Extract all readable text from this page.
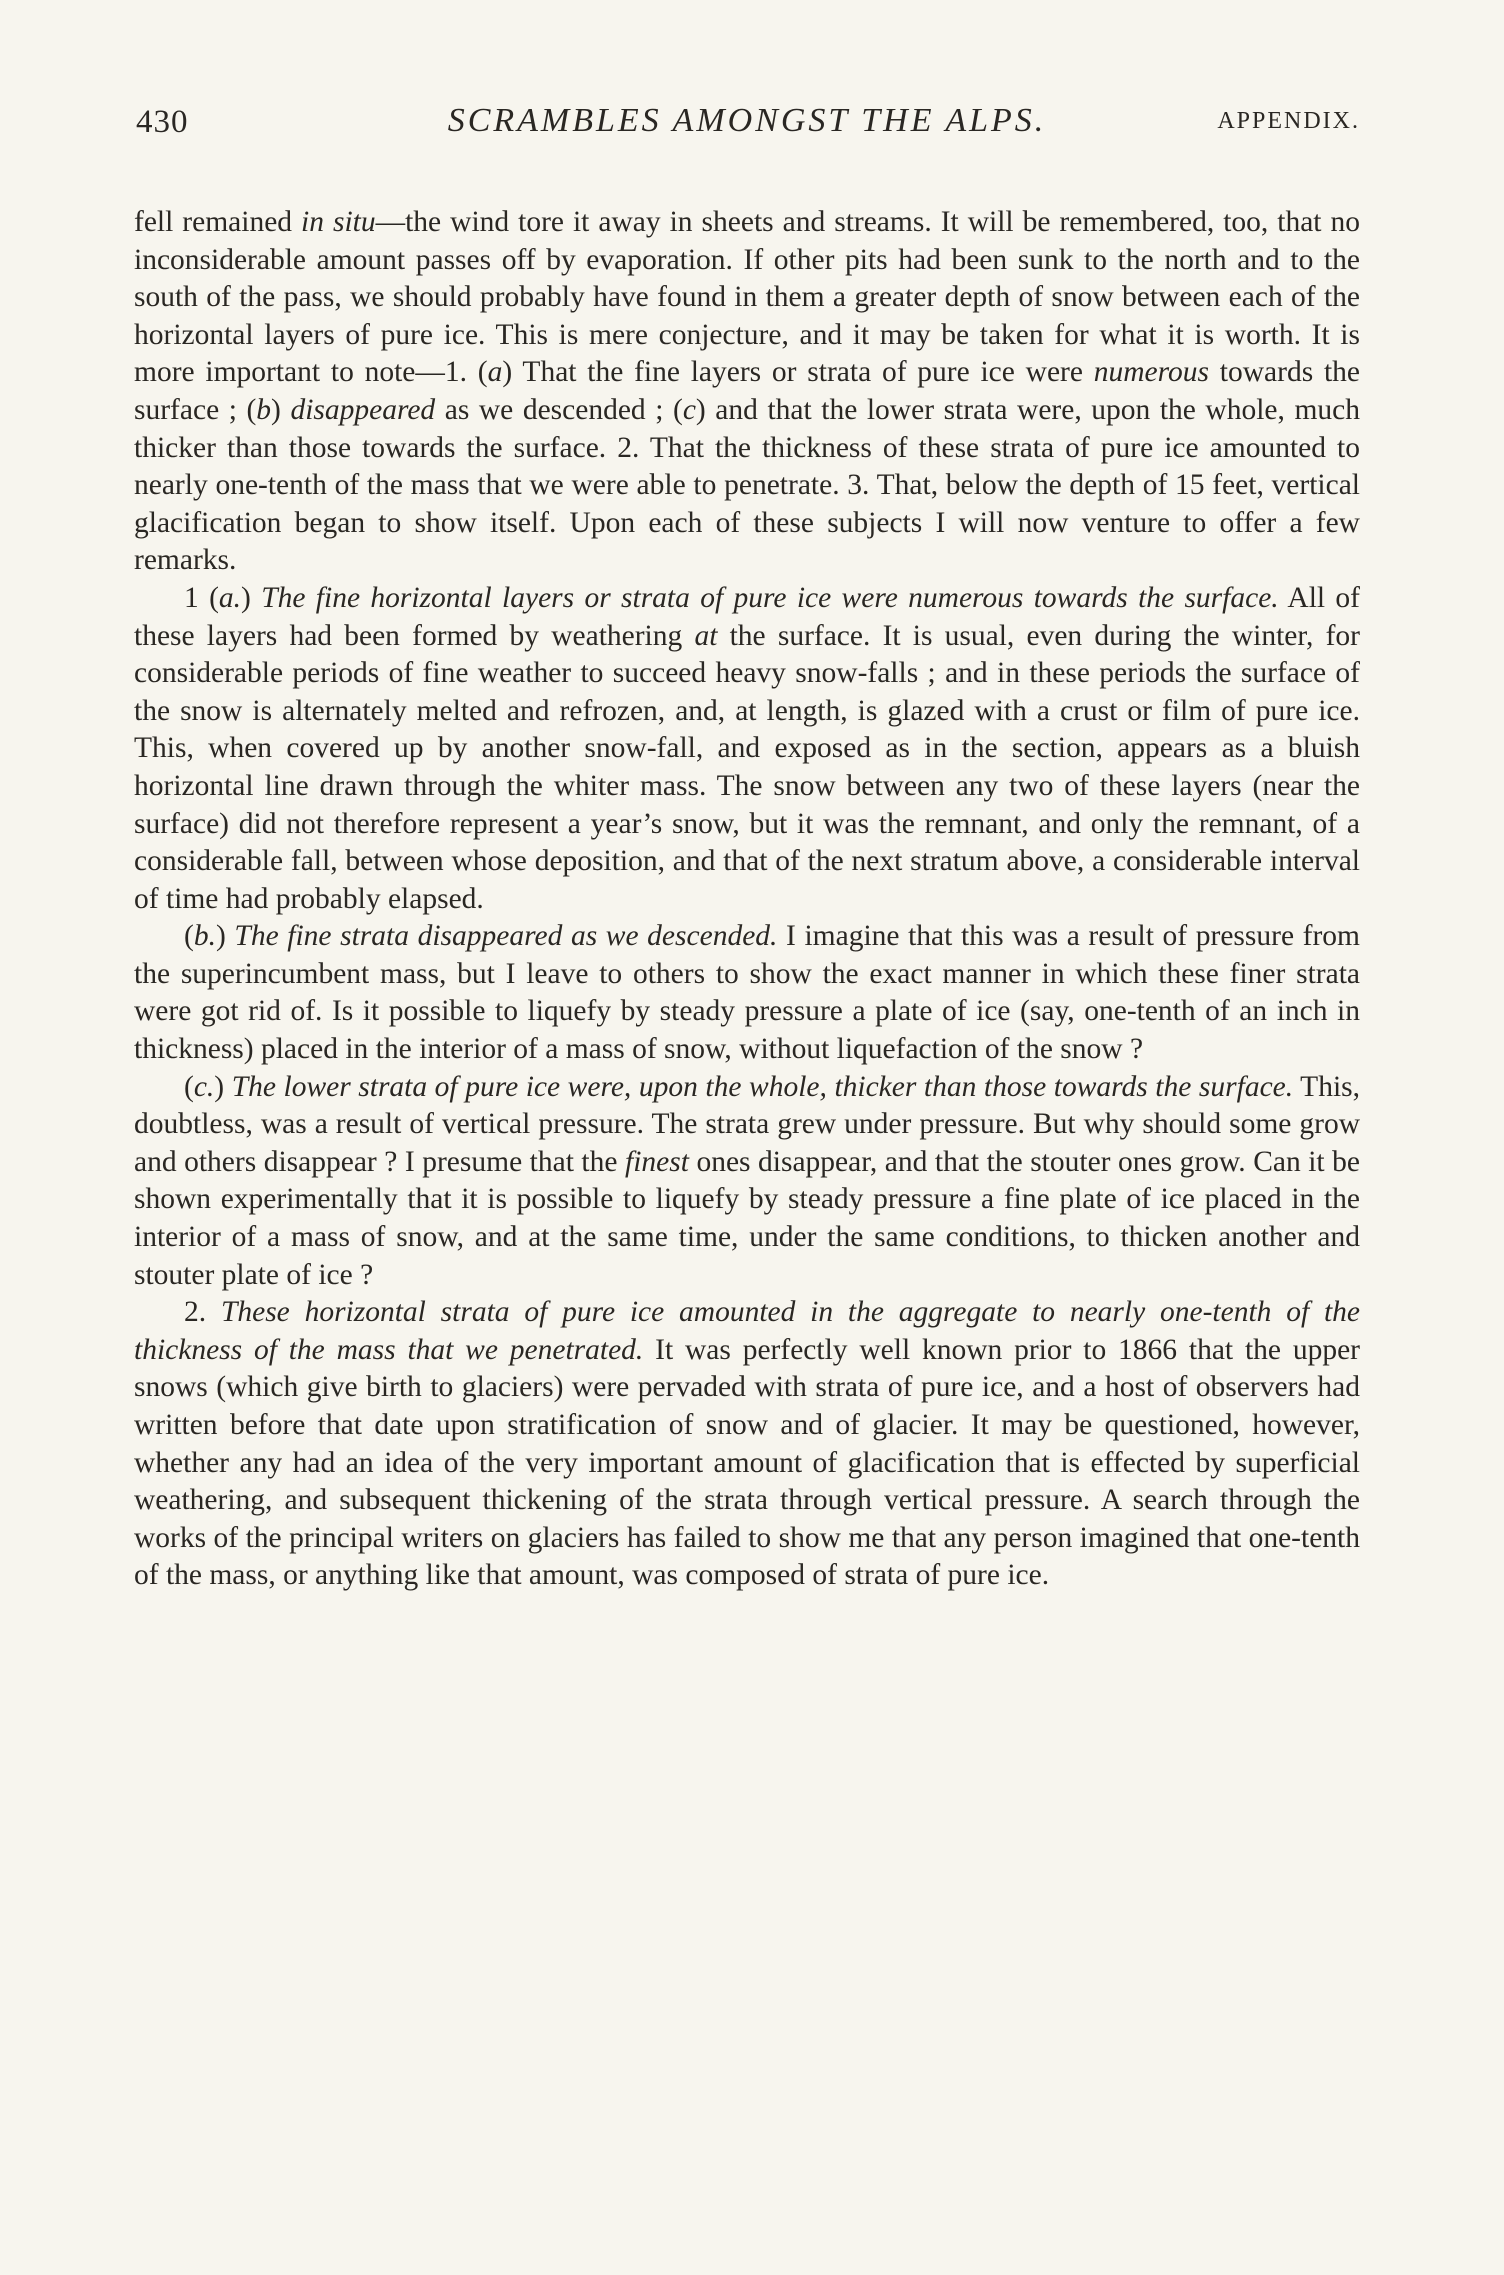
430	SCRAMBLES AMONGST THE ALPS.	APPENDIX.

fell remained in situ—the wind tore it away in sheets and streams. It will be remembered, too, that no inconsiderable amount passes off by evaporation. If other pits had been sunk to the north and to the south of the pass, we should probably have found in them a greater depth of snow between each of the horizontal layers of pure ice. This is mere conjecture, and it may be taken for what it is worth. It is more important to note—1. (a) That the fine layers or strata of pure ice were numerous towards the surface ; (b) disappeared as we descended ; (c) and that the lower strata were, upon the whole, much thicker than those towards the surface. 2. That the thickness of these strata of pure ice amounted to nearly one-tenth of the mass that we were able to penetrate. 3. That, below the depth of 15 feet, vertical glacification began to show itself. Upon each of these subjects I will now venture to offer a few remarks.

1 (a.) The fine horizontal layers or strata of pure ice were numerous towards the surface. All of these layers had been formed by weathering at the surface. It is usual, even during the winter, for considerable periods of fine weather to succeed heavy snow-falls ; and in these periods the surface of the snow is alternately melted and refrozen, and, at length, is glazed with a crust or film of pure ice. This, when covered up by another snow-fall, and exposed as in the section, appears as a bluish horizontal line drawn through the whiter mass. The snow between any two of these layers (near the surface) did not therefore represent a year’s snow, but it was the remnant, and only the remnant, of a considerable fall, between whose deposition, and that of the next stratum above, a considerable interval of time had probably elapsed.

(b.) The fine strata disappeared as we descended. I imagine that this was a result of pressure from the superincumbent mass, but I leave to others to show the exact manner in which these finer strata were got rid of. Is it possible to liquefy by steady pressure a plate of ice (say, one-tenth of an inch in thickness) placed in the interior of a mass of snow, without liquefaction of the snow ?

(c.) The lower strata of pure ice were, upon the whole, thicker than those towards the surface. This, doubtless, was a result of vertical pressure. The strata grew under pressure. But why should some grow and others disappear ? I presume that the finest ones disappear, and that the stouter ones grow. Can it be shown experimentally that it is possible to liquefy by steady pressure a fine plate of ice placed in the interior of a mass of snow, and at the same time, under the same conditions, to thicken another and stouter plate of ice ?

2. These horizontal strata of pure ice amounted in the aggregate to nearly one-tenth of the thickness of the mass that we penetrated. It was perfectly well known prior to 1866 that the upper snows (which give birth to glaciers) were pervaded with strata of pure ice, and a host of observers had written before that date upon stratification of snow and of glacier. It may be questioned, however, whether any had an idea of the very important amount of glacification that is effected by superficial weathering, and subsequent thickening of the strata through vertical pressure. A search through the works of the principal writers on glaciers has failed to show me that any person imagined that one-tenth of the mass, or anything like that amount, was composed of strata of pure ice.
